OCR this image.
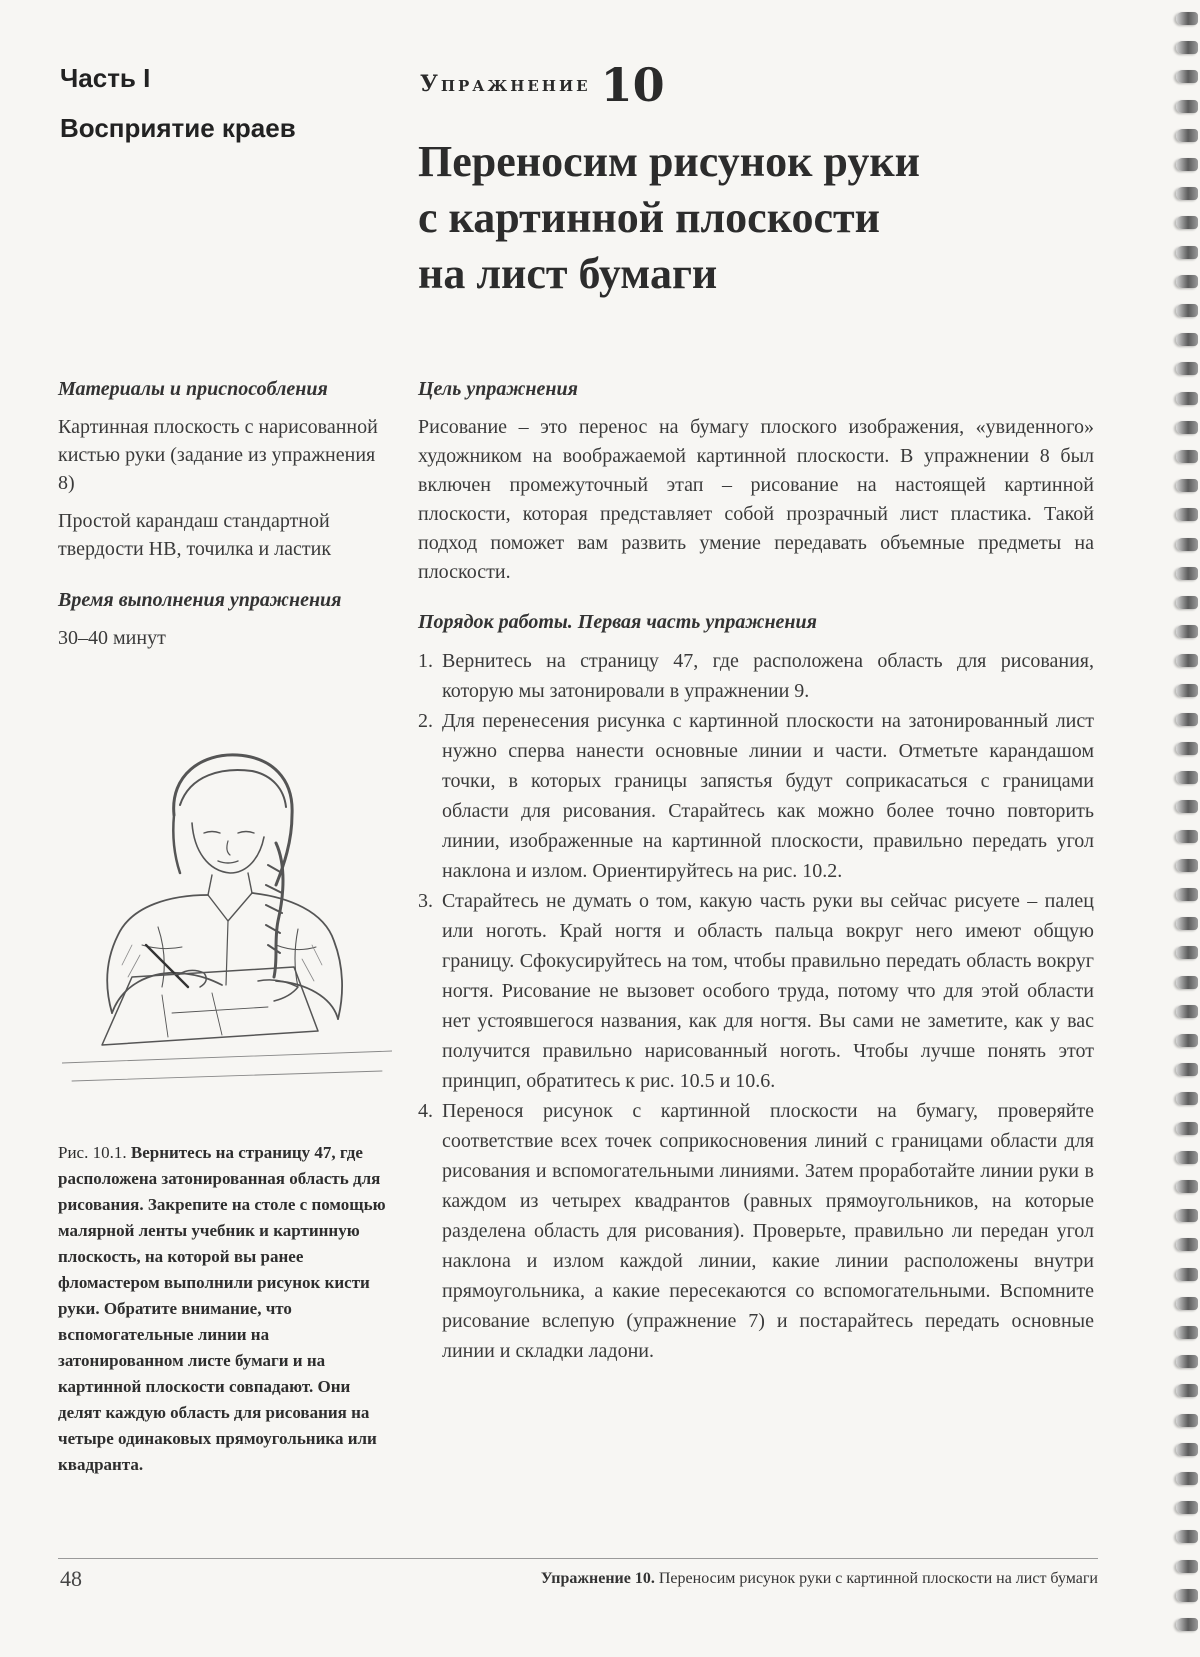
Часть I
Восприятие краев
Упражнение 10
Переносим рисунок руки
с картинной плоскости
на лист бумаги

Материалы и приспособления

Картинная плоскость с нарисованной кистью руки (задание из упражнения 8)

Простой карандаш стандартной твердости HB, точилка и ластик

Время выполнения упражнения

30–40 минут

Рис. 10.1. Вернитесь на страницу 47, где расположена затонированная область для рисования. Закрепите на столе с помощью малярной ленты учебник и картинную плоскость, на которой вы ранее фломастером выполнили рисунок кисти руки. Обратите внимание, что вспомогательные линии на затонированном листе бумаги и на картинной плоскости совпадают. Они делят каждую область для рисования на четыре одинаковых прямоугольника или квадранта.

Цель упражнения

Рисование – это перенос на бумагу плоского изображения, «увиденного» художником на воображаемой картинной плоскости. В упражнении 8 был включен промежуточный этап – рисование на настоящей картинной плоскости, которая представляет собой прозрачный лист пластика. Такой подход поможет вам развить умение передавать объемные предметы на плоскости.

Порядок работы. Первая часть упражнения

1. Вернитесь на страницу 47, где расположена область для рисования, которую мы затонировали в упражнении 9.
2. Для перенесения рисунка с картинной плоскости на затонированный лист нужно сперва нанести основные линии и части. Отметьте карандашом точки, в которых границы запястья будут соприкасаться с границами области для рисования. Старайтесь как можно более точно повторить линии, изображенные на картинной плоскости, правильно передать угол наклона и излом. Ориентируйтесь на рис. 10.2.
3. Старайтесь не думать о том, какую часть руки вы сейчас рисуете – палец или ноготь. Край ногтя и область пальца вокруг него имеют общую границу. Сфокусируйтесь на том, чтобы правильно передать область вокруг ногтя. Рисование не вызовет особого труда, потому что для этой области нет устоявшегося названия, как для ногтя. Вы сами не заметите, как у вас получится правильно нарисованный ноготь. Чтобы лучше понять этот принцип, обратитесь к рис. 10.5 и 10.6.
4. Перенося рисунок с картинной плоскости на бумагу, проверяйте соответствие всех точек соприкосновения линий с границами области для рисования и вспомогательными линиями. Затем проработайте линии руки в каждом из четырех квадрантов (равных прямоугольников, на которые разделена область для рисования). Проверьте, правильно ли передан угол наклона и излом каждой линии, какие линии расположены внутри прямоугольника, а какие пересекаются со вспомогательными. Вспомните рисование вслепую (упражнение 7) и постарайтесь передать основные линии и складки ладони.
48	Упражнение 10. Переносим рисунок руки с картинной плоскости на лист бумаги
